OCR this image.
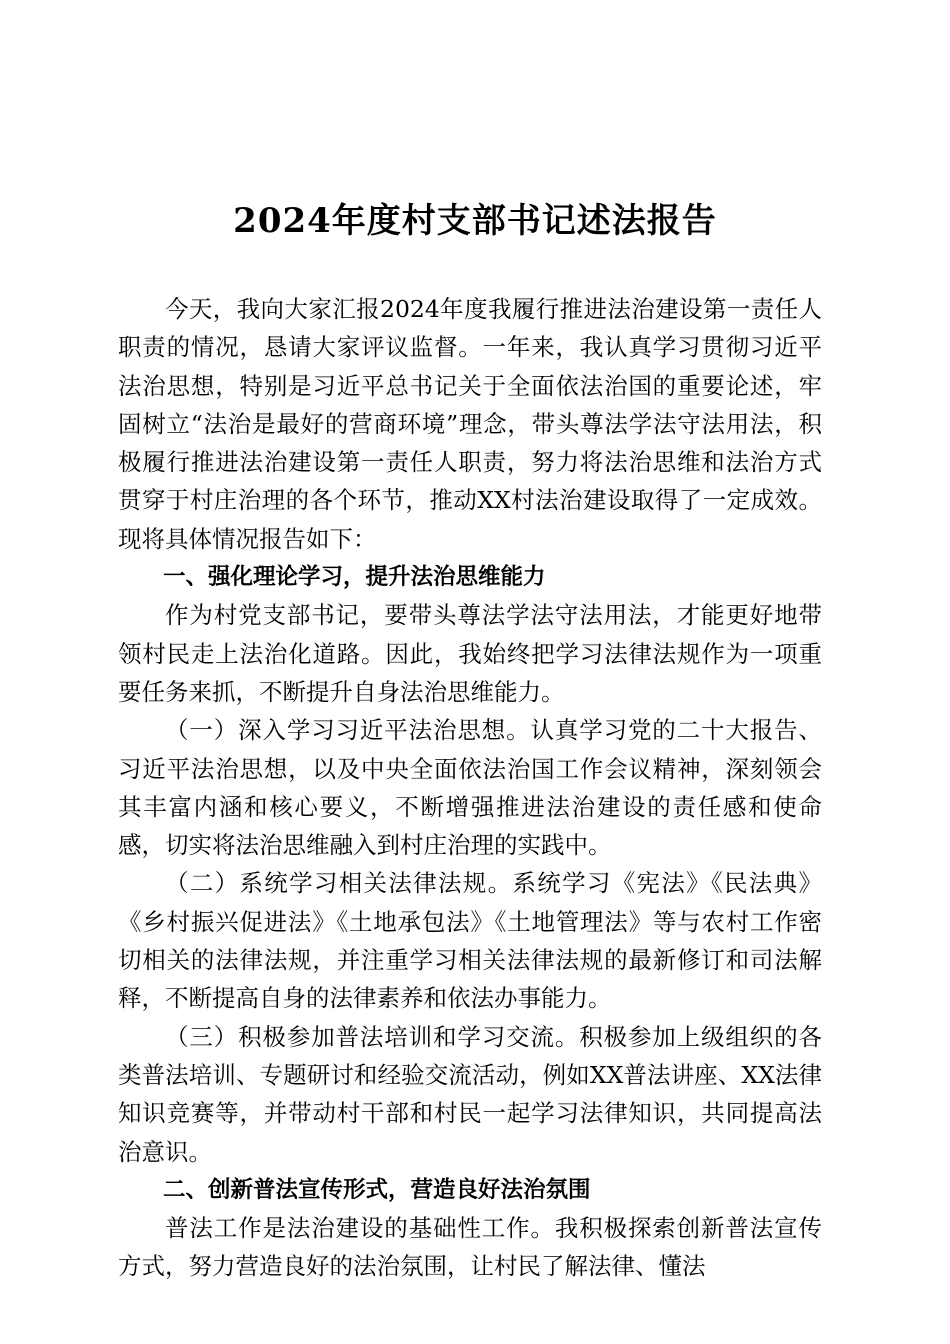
2024年度村支部书记述法报告

今天，我向大家汇报2024年度我履行推进法治建设第一责任人职责的情况，恳请大家评议监督。一年来，我认真学习贯彻习近平法治思想，特别是习近平总书记关于全面依法治国的重要论述，牢固树立“法治是最好的营商环境”理念，带头尊法学法守法用法，积极履行推进法治建设第一责任人职责，努力将法治思维和法治方式贯穿于村庄治理的各个环节，推动XX村法治建设取得了一定成效。现将具体情况报告如下：

一、强化理论学习，提升法治思维能力

作为村党支部书记，要带头尊法学法守法用法，才能更好地带领村民走上法治化道路。因此，我始终把学习法律法规作为一项重要任务来抓，不断提升自身法治思维能力。

（一）深入学习习近平法治思想。认真学习党的二十大报告、习近平法治思想，以及中央全面依法治国工作会议精神，深刻领会其丰富内涵和核心要义，不断增强推进法治建设的责任感和使命感，切实将法治思维融入到村庄治理的实践中。

（二）系统学习相关法律法规。系统学习《宪法》《民法典》《乡村振兴促进法》《土地承包法》《土地管理法》等与农村工作密切相关的法律法规，并注重学习相关法律法规的最新修订和司法解释，不断提高自身的法律素养和依法办事能力。

（三）积极参加普法培训和学习交流。积极参加上级组织的各类普法培训、专题研讨和经验交流活动，例如XX普法讲座、XX法律知识竞赛等，并带动村干部和村民一起学习法律知识，共同提高法治意识。

二、创新普法宣传形式，营造良好法治氛围

普法工作是法治建设的基础性工作。我积极探索创新普法宣传方式，努力营造良好的法治氛围，让村民了解法律、懂法
